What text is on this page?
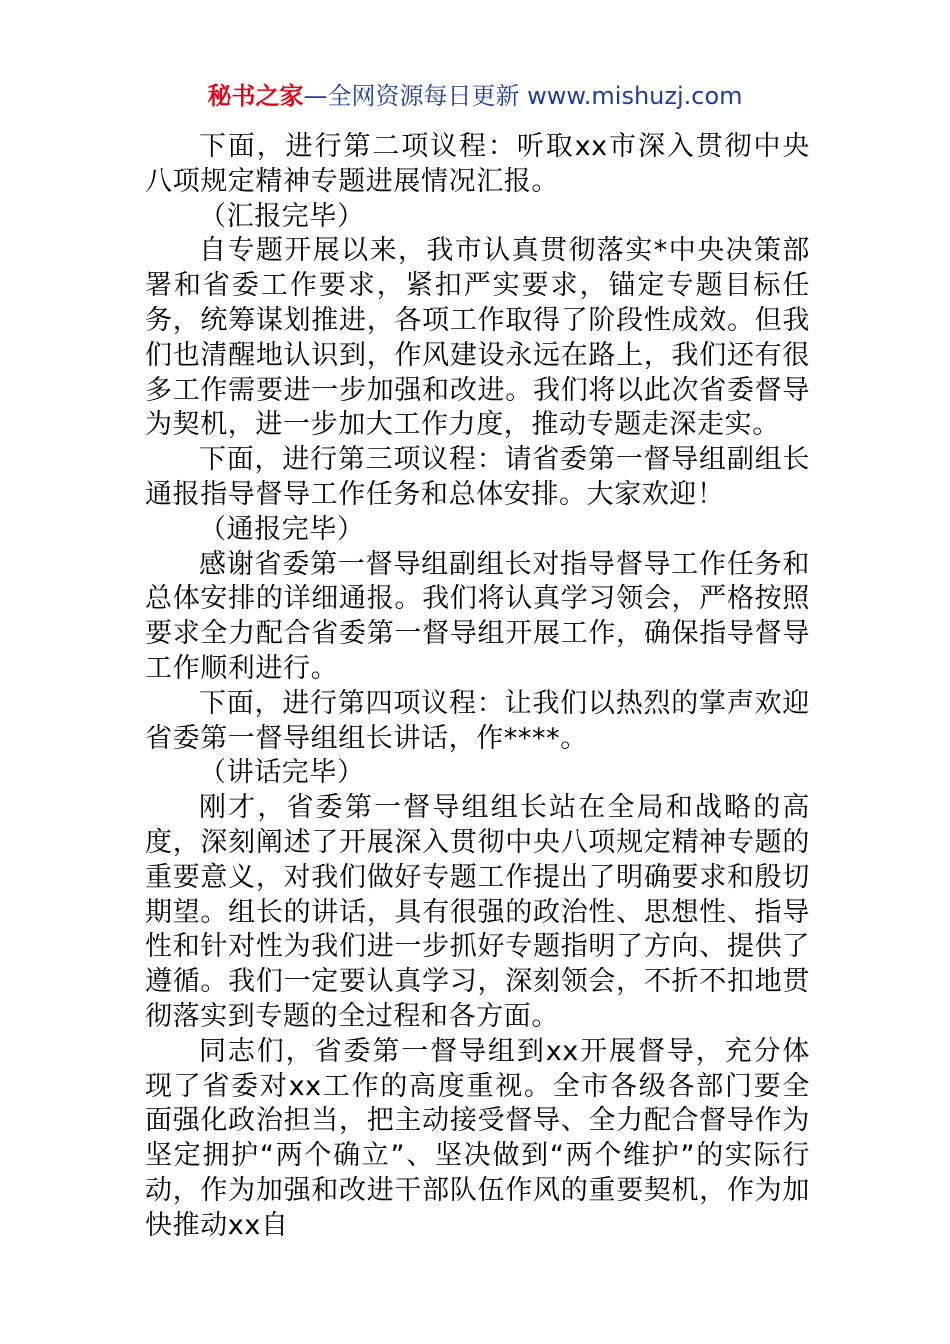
秘书之家—全网资源每日更新 www.mishuzj.com

下面，进行第二项议程：听取xx市深入贯彻中央八项规定精神专题进展情况汇报。

（汇报完毕）

自专题开展以来，我市认真贯彻落实*中央决策部署和省委工作要求，紧扣严实要求，锚定专题目标任务，统筹谋划推进，各项工作取得了阶段性成效。但我们也清醒地认识到，作风建设永远在路上，我们还有很多工作需要进一步加强和改进。我们将以此次省委督导为契机，进一步加大工作力度，推动专题走深走实。

下面，进行第三项议程：请省委第一督导组副组长通报指导督导工作任务和总体安排。大家欢迎！

（通报完毕）

感谢省委第一督导组副组长对指导督导工作任务和总体安排的详细通报。我们将认真学习领会，严格按照要求全力配合省委第一督导组开展工作，确保指导督导工作顺利进行。

下面，进行第四项议程：让我们以热烈的掌声欢迎省委第一督导组组长讲话，作****。

（讲话完毕）

刚才，省委第一督导组组长站在全局和战略的高度，深刻阐述了开展深入贯彻中央八项规定精神专题的重要意义，对我们做好专题工作提出了明确要求和殷切期望。组长的讲话，具有很强的政治性、思想性、指导性和针对性为我们进一步抓好专题指明了方向、提供了遵循。我们一定要认真学习，深刻领会，不折不扣地贯彻落实到专题的全过程和各方面。

同志们，省委第一督导组到xx开展督导，充分体现了省委对xx工作的高度重视。全市各级各部门要全面强化政治担当，把主动接受督导、全力配合督导作为坚定拥护“两个确立”、坚决做到“两个维护”的实际行动，作为加强和改进干部队伍作风的重要契机，作为加快推动xx自
